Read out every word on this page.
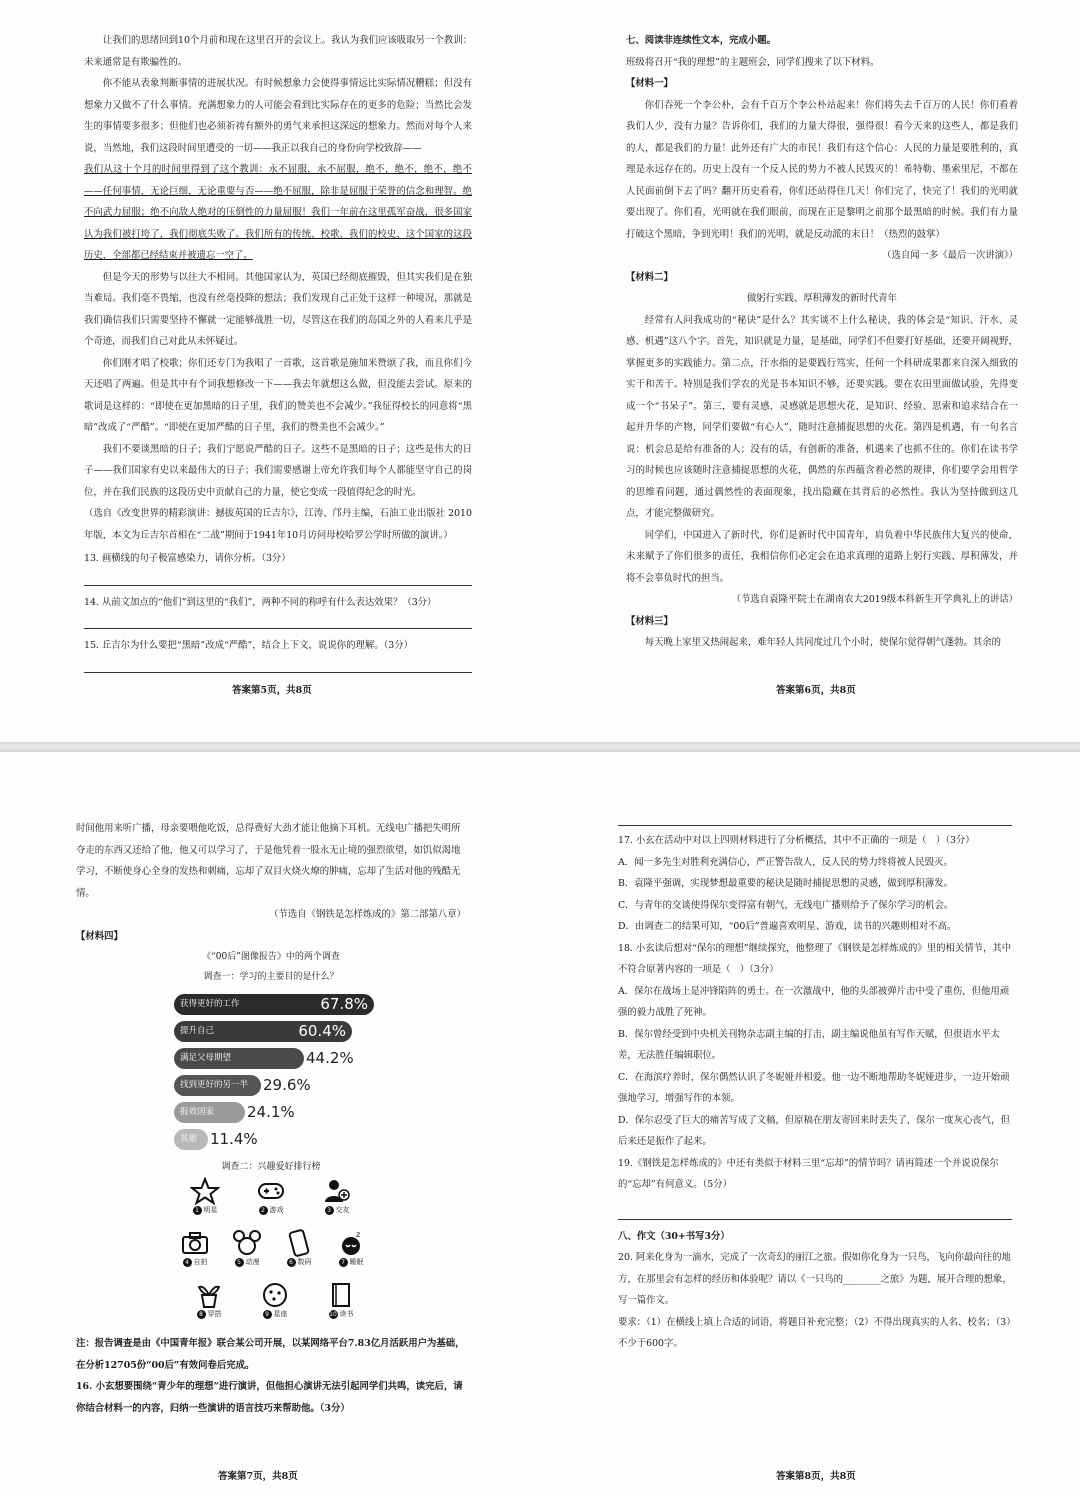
让我们的思绪回到10个月前和现在这里召开的会议上。我认为我们应该吸取另一个教训：未来通常是有欺骗性的。

你不能从表象判断事情的进展状况。有时候想象力会使得事情远比实际情况糟糕；但没有想象力又做不了什么事情。充满想象力的人可能会看到比实际存在的更多的危险；当然比会发生的事情要多很多；但他们也必须祈祷有额外的勇气来承担这深远的想象力。然而对每个人来说，当然地，我们这段时间里遭受的一切——我正以我自己的身份向学校致辞——

我们从这十个月的时间里得到了这个教训：永不屈服，永不屈服，绝不，绝不，绝不，绝不——任何事情，无论巨细，无论重要与否——绝不屈服，除非是屈服于荣誉的信念和理智。绝不向武力屈服；绝不向敌人绝对的压倒性的力量屈服！我们一年前在这里孤军奋战，很多国家认为我们被打垮了，我们彻底失败了。我们所有的传统、校歌、我们的校史、这个国家的这段历史，全部都已经结束并被遗忘一空了。

但是今天的形势与以往大不相同。其他国家认为，英国已经彻底摧毁，但其实我们是在独当难局。我们毫不畏缩，也没有丝毫投降的想法；我们发现自己正处于这样一种境况，那就是我们确信我们只需要坚持不懈就一定能够战胜一切，尽管这在我们的岛国之外的人看来几乎是个奇迹，而我们自己对此从未怀疑过。

你们刚才唱了校歌；你们还专门为我唱了一首歌，这首歌是施加米赞颂了我，而且你们今天还唱了两遍。但是其中有个词我想修改一下——我去年就想这么做，但没能去尝试。原来的歌词是这样的：“即使在更加黑暗的日子里，我们的赞美也不会减少。”我征得校长的同意将“黑暗”改成了“严酷”。“即使在更加严酷的日子里，我们的赞美也不会减少。”

我们不要谈黑暗的日子；我们宁愿说严酷的日子。这些不是黑暗的日子；这些是伟大的日子——我们国家有史以来最伟大的日子；我们需要感谢上帝允许我们每个人都能坚守自己的岗位，并在我们民族的这段历史中贡献自己的力量，使它变成一段值得纪念的时光。

（选自《改变世界的精彩演讲：撼拔英国的丘吉尔》，江涛、邝丹主编，石油工业出版社 2010年版，本文为丘吉尔首相在“二战”期间于1941年10月访问母校哈罗公学时所做的演讲。）

13. 画横线的句子极富感染力，请你分析。（3分）

14. 从前文加点的“他们”到这里的“我们”，两种不同的称呼有什么表达效果？（3分）

15. 丘吉尔为什么要把“黑暗”改成“严酷”，结合上下文，说说你的理解。（3分）

答案第5页，共8页

七、阅读非连续性文本，完成小题。

班级将召开“我的理想”的主题班会，同学们搜来了以下材料。

【材料一】

你们吞死一个李公朴，会有千百万个李公朴站起来！你们将失去千百万的人民！你们看着我们人少，没有力量？告诉你们，我们的力量大得很，强得很！看今天来的这些人，都是我们的人，都是我们的力量！此外还有广大的市民！我们有这个信心：人民的力量是要胜利的，真理是永远存在的。历史上没有一个反人民的势力不被人民毁灭的！希特勒、墨索里尼，不都在人民面前倒下去了吗？翻开历史看看，你们还站得住几天！你们完了，快完了！我们的光明就要出现了。你们看，光明就在我们眼前，而现在正是黎明之前那个最黑暗的时候。我们有力量打破这个黑暗，争到光明！我们的光明，就是反动派的末日！（热烈的鼓掌）

（选自闻一多《最后一次讲演》）

【材料二】

做躬行实践、厚积薄发的新时代青年

经常有人问我成功的“秘诀”是什么？其实谈不上什么秘诀，我的体会是“知识、汗水、灵感、机遇”这八个字。首先，知识就是力量，是基础，同学们不但要打好基础，还要开阔视野，掌握更多的实践能力。第二点，汗水指的是要践行笃实，任何一个科研成果都来自深入细致的实干和苦干。特别是我们学农的光是书本知识不够，还要实践。要在农田里面做试验，先得变成一个“书呆子”。第三，要有灵感，灵感就是思想火花，是知识、经验、思索和追求结合在一起并升华的产物，同学们要做“有心人”，随时注意捕捉思想的火花。第四是机遇，有一句名言说：机会总是给有准备的人；没有的话，有创新的准备，机遇来了也抓不住的。你们在读书学习的时候也应该随时注意捕捉思想的火花，偶然的东西蕴含着必然的规律，你们要学会用哲学的思维看问题，通过偶然性的表面现象，找出隐藏在其背后的必然性。我认为坚持做到这几点，才能完整做研究。

同学们，中国进入了新时代，你们是新时代中国青年，肩负着中华民族伟大复兴的使命，未来赋予了你们很多的责任，我相信你们必定会在追求真理的道路上躬行实践、厚积薄发，并将不会辜负时代的担当。

（节选自袁隆平院士在湖南农大2019级本科新生开学典礼上的讲话）

【材料三】

每天晚上家里又热闹起来，难年轻人共同度过几个小时，使保尔觉得朝气蓬勃。其余的

答案第6页，共8页

时间他用来听广播，母亲要喂他吃饭，总得费好大劲才能让他摘下耳机。无线电广播把失明所夺走的东西又还给了他，他又可以学习了，于是他凭着一股永无止境的强烈欲望，如饥似渴地学习，不断使身心全身的发热和刺痛，忘却了双目火烧火燎的肿痛，忘却了生活对他的残酷无情。

（节选自《钢铁是怎样炼成的》第二部第八章）

【材料四】

《“00后”图像报告》中的两个调查

调查一：学习的主要目的是什么？

获得更好的工作	67.8%
提升自己	60.4%
满足父母期望	44.2%
找到更好的另一半 29.6%
报效国家 24.1%
其他 11.4%

调查二：兴趣爱好排行榜

1 明星	2 游戏	3 交友
4 自拍	5 动漫	6 数码
z
7 睡眠
8 穿搭	9 星座	10 读书

注：报告调查是由《中国青年报》联合某公司开展，以某网络平台7.83亿月活跃用户为基础，在分析12705份“00后”有效问卷后完成。

16. 小玄想要围绕“青少年的理想”进行演讲，但他担心演讲无法引起同学们共鸣，读完后，请你结合材料一的内容，归纳一些演讲的语言技巧来帮助他。（3分）

答案第7页，共8页

17. 小玄在活动中对以上四则材料进行了分析概括，其中不正确的一项是（　）（3分）

A．闻一多先生对胜利充满信心，严正警告敌人，反人民的势力终将被人民毁灭。

B．袁隆平强调，实现梦想最重要的秘诀是随时捕捉思想的灵感，做到厚积薄发。

C．与青年的交谈使得保尔变得富有朝气，无线电广播则给予了保尔学习的机会。

D．由调查二的结果可知，“00后”普遍喜欢明星、游戏，读书的兴趣则相对不高。

18. 小玄读后想对“保尔的理想”继续探究，他整理了《钢铁是怎样炼成的》里的相关情节，其中不符合原著内容的一项是（　）（3分）

A．保尔在战场上是冲锋陷阵的勇士。在一次激战中，他的头部被弹片击中受了重伤，但他用顽强的毅力战胜了死神。

B．保尔曾经受到中央机关刊物杂志副主编的打击，副主编说他虽有写作天赋，但很语水平太差，无法胜任编辑职位。

C．在海滨疗养时，保尔偶然认识了冬妮娅并相爱。他一边不断地帮助冬妮娅进步，一边开始顽强地学习，增强写作的本领。

D．保尔忍受了巨大的痛苦写成了文稿，但原稿在朋友寄回来时丢失了，保尔一度灰心丧气，但后来还是振作了起来。

19.《钢铁是怎样炼成的》中还有类似于材料三里“忘却”的情节吗？请再简述一个并说说保尔的“忘却”有何意义。（5分）

八、作文（30+书写3分）

20. 阿来化身为一滴水，完成了一次奇幻的丽江之旅。假如你化身为一只鸟，飞向你最向往的地方，在那里会有怎样的经历和体验呢？请以《一只鸟的________之旅》为题，展开合理的想象，写一篇作文。

要求：（1）在横线上填上合适的词语，将题目补充完整；（2）不得出现真实的人名、校名；（3）不少于600字。

答案第8页，共8页
